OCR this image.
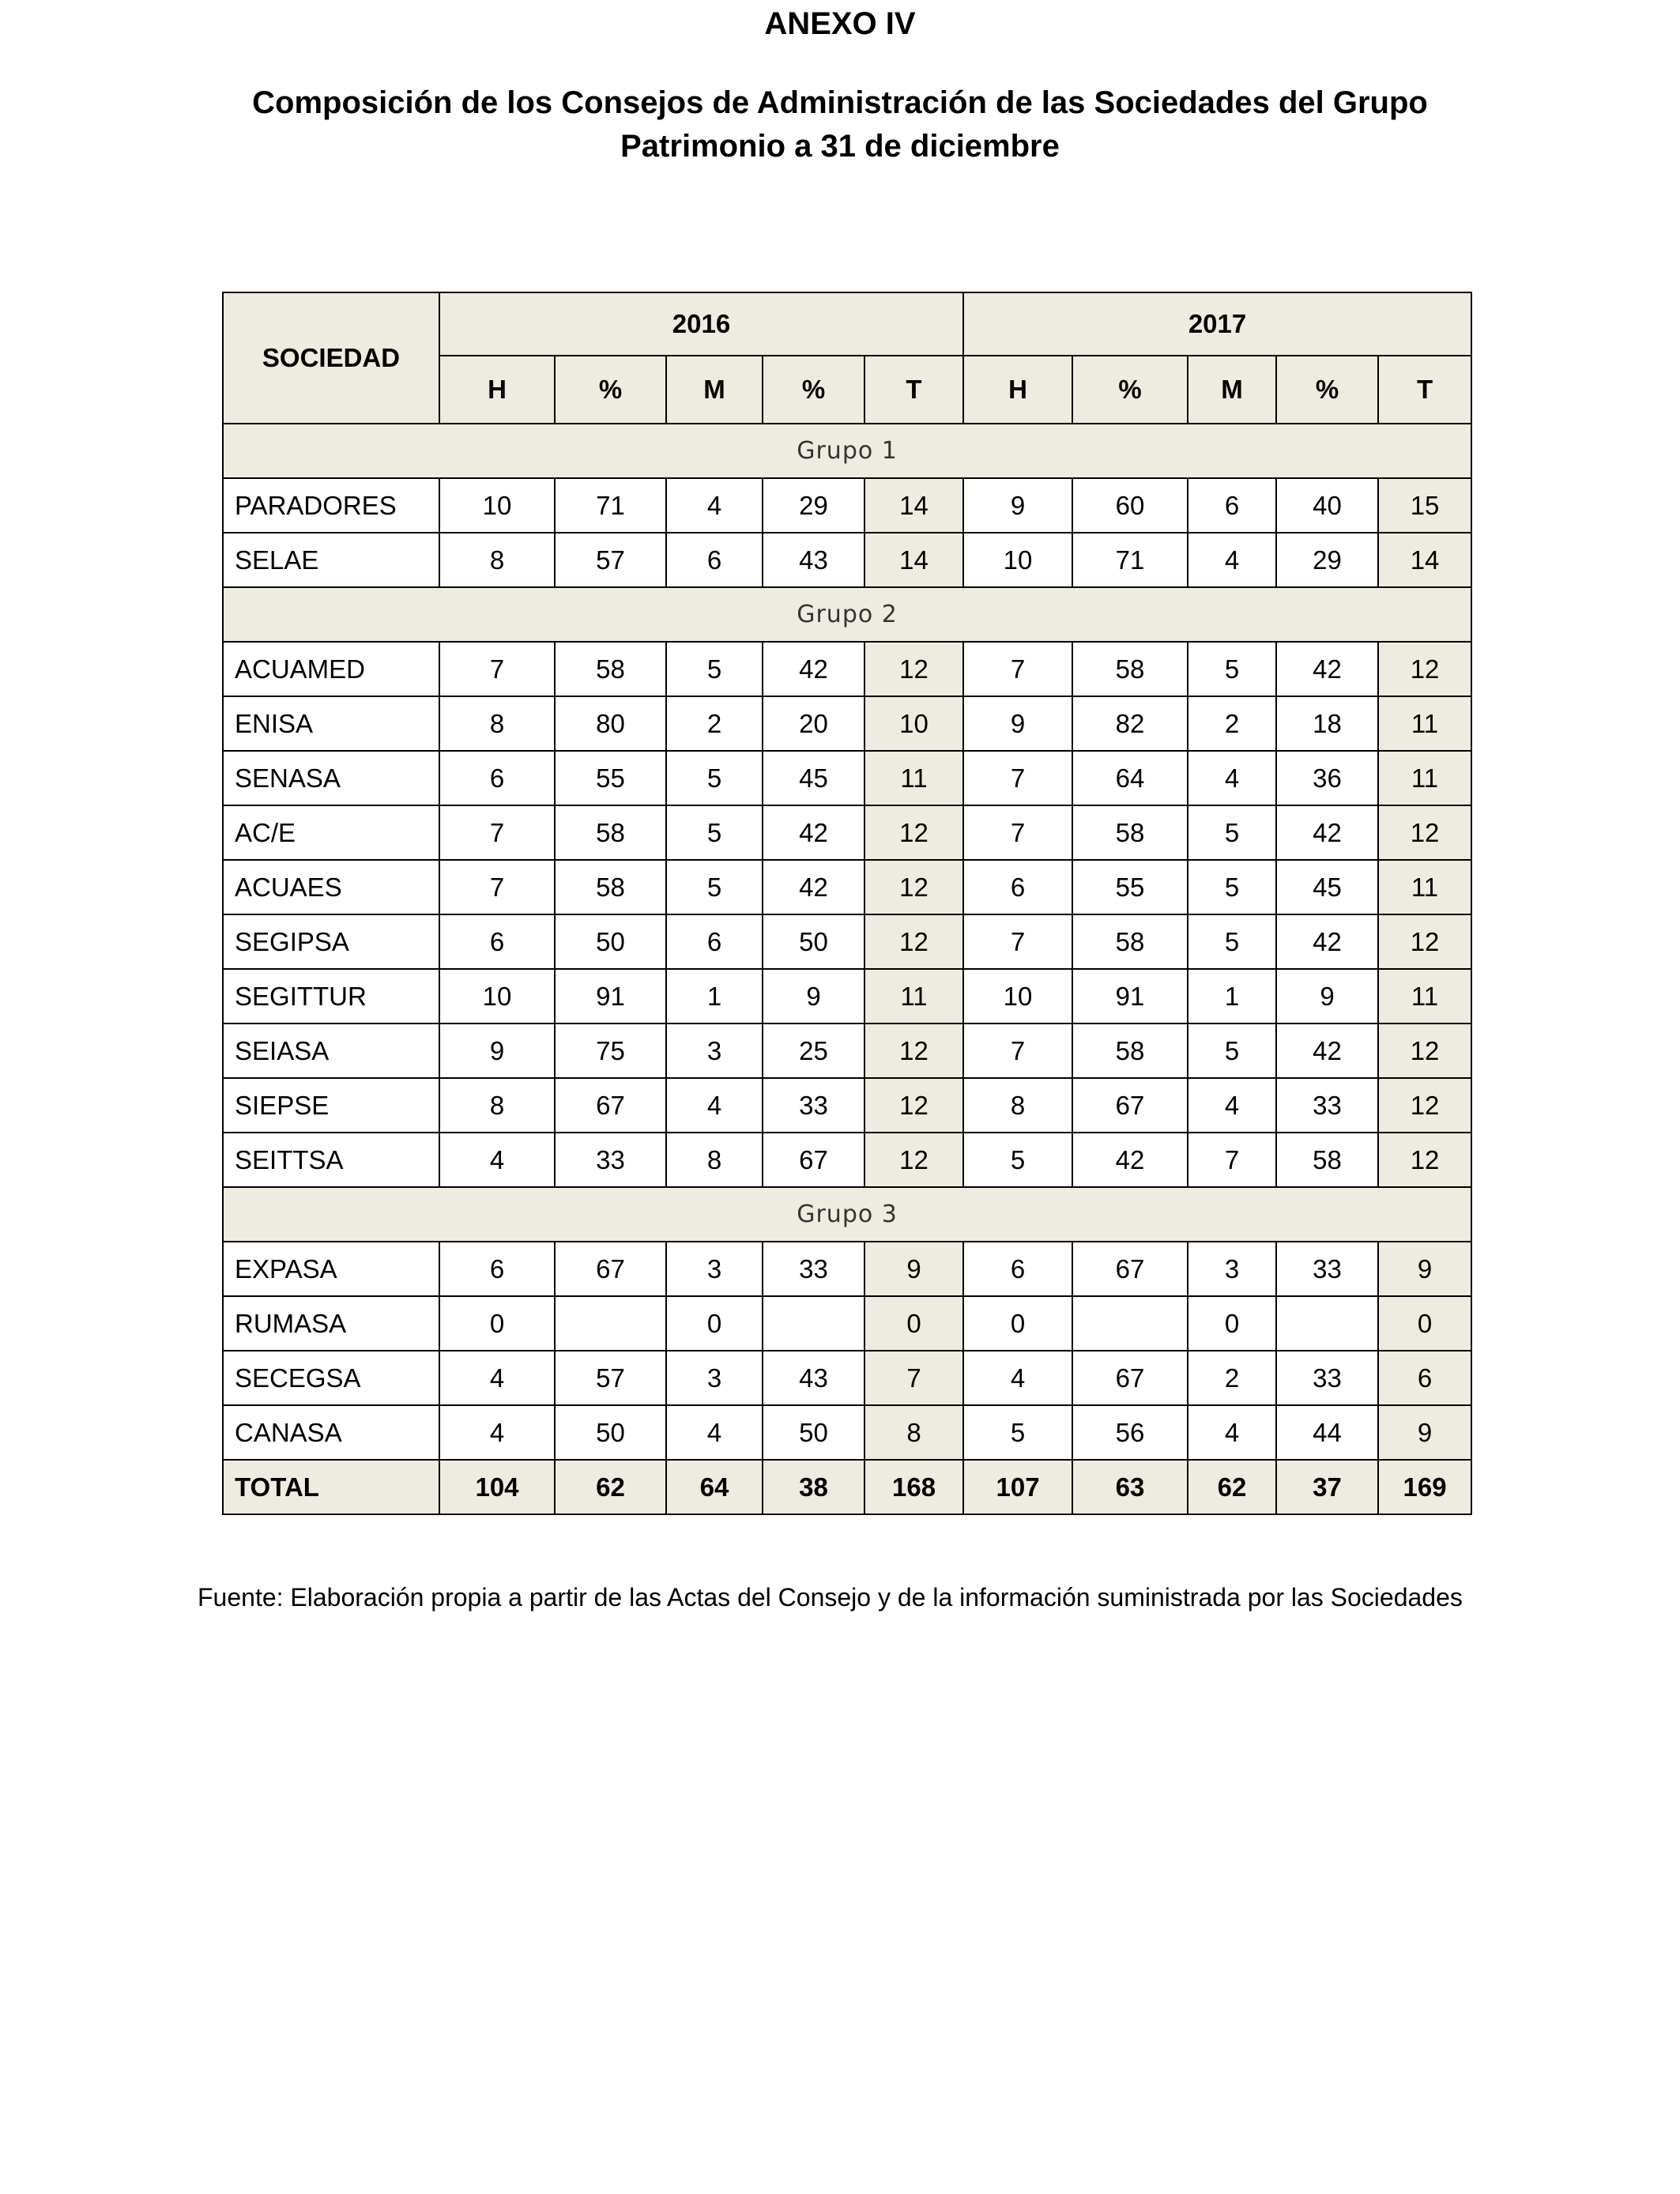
ANEXO IV
Composición de los Consejos de Administración de las Sociedades del Grupo Patrimonio a 31 de diciembre
SOCIEDAD	2016					2017				
	H	%	M	%	T	H	%	M	%	T
Grupo 1										
PARADORES	10	71	4	29	14	9	60	6	40	15
SELAE	8	57	6	43	14	10	71	4	29	14
Grupo 2										
ACUAMED	7	58	5	42	12	7	58	5	42	12
ENISA	8	80	2	20	10	9	82	2	18	11
SENASA	6	55	5	45	11	7	64	4	36	11
AC/E	7	58	5	42	12	7	58	5	42	12
ACUAES	7	58	5	42	12	6	55	5	45	11
SEGIPSA	6	50	6	50	12	7	58	5	42	12
SEGITTUR	10	91	1	9	11	10	91	1	9	11
SEIASA	9	75	3	25	12	7	58	5	42	12
SIEPSE	8	67	4	33	12	8	67	4	33	12
SEITTSA	4	33	8	67	12	5	42	7	58	12
Grupo 3										
EXPASA	6	67	3	33	9	6	67	3	33	9
RUMASA	0		0		0	0		0		0
SECEGSA	4	57	3	43	7	4	67	2	33	6
CANASA	4	50	4	50	8	5	56	4	44	9
TOTAL	104	62	64	38	168	107	63	62	37	169
Fuente: Elaboración propia a partir de las Actas del Consejo y de la información suministrada por las Sociedades
